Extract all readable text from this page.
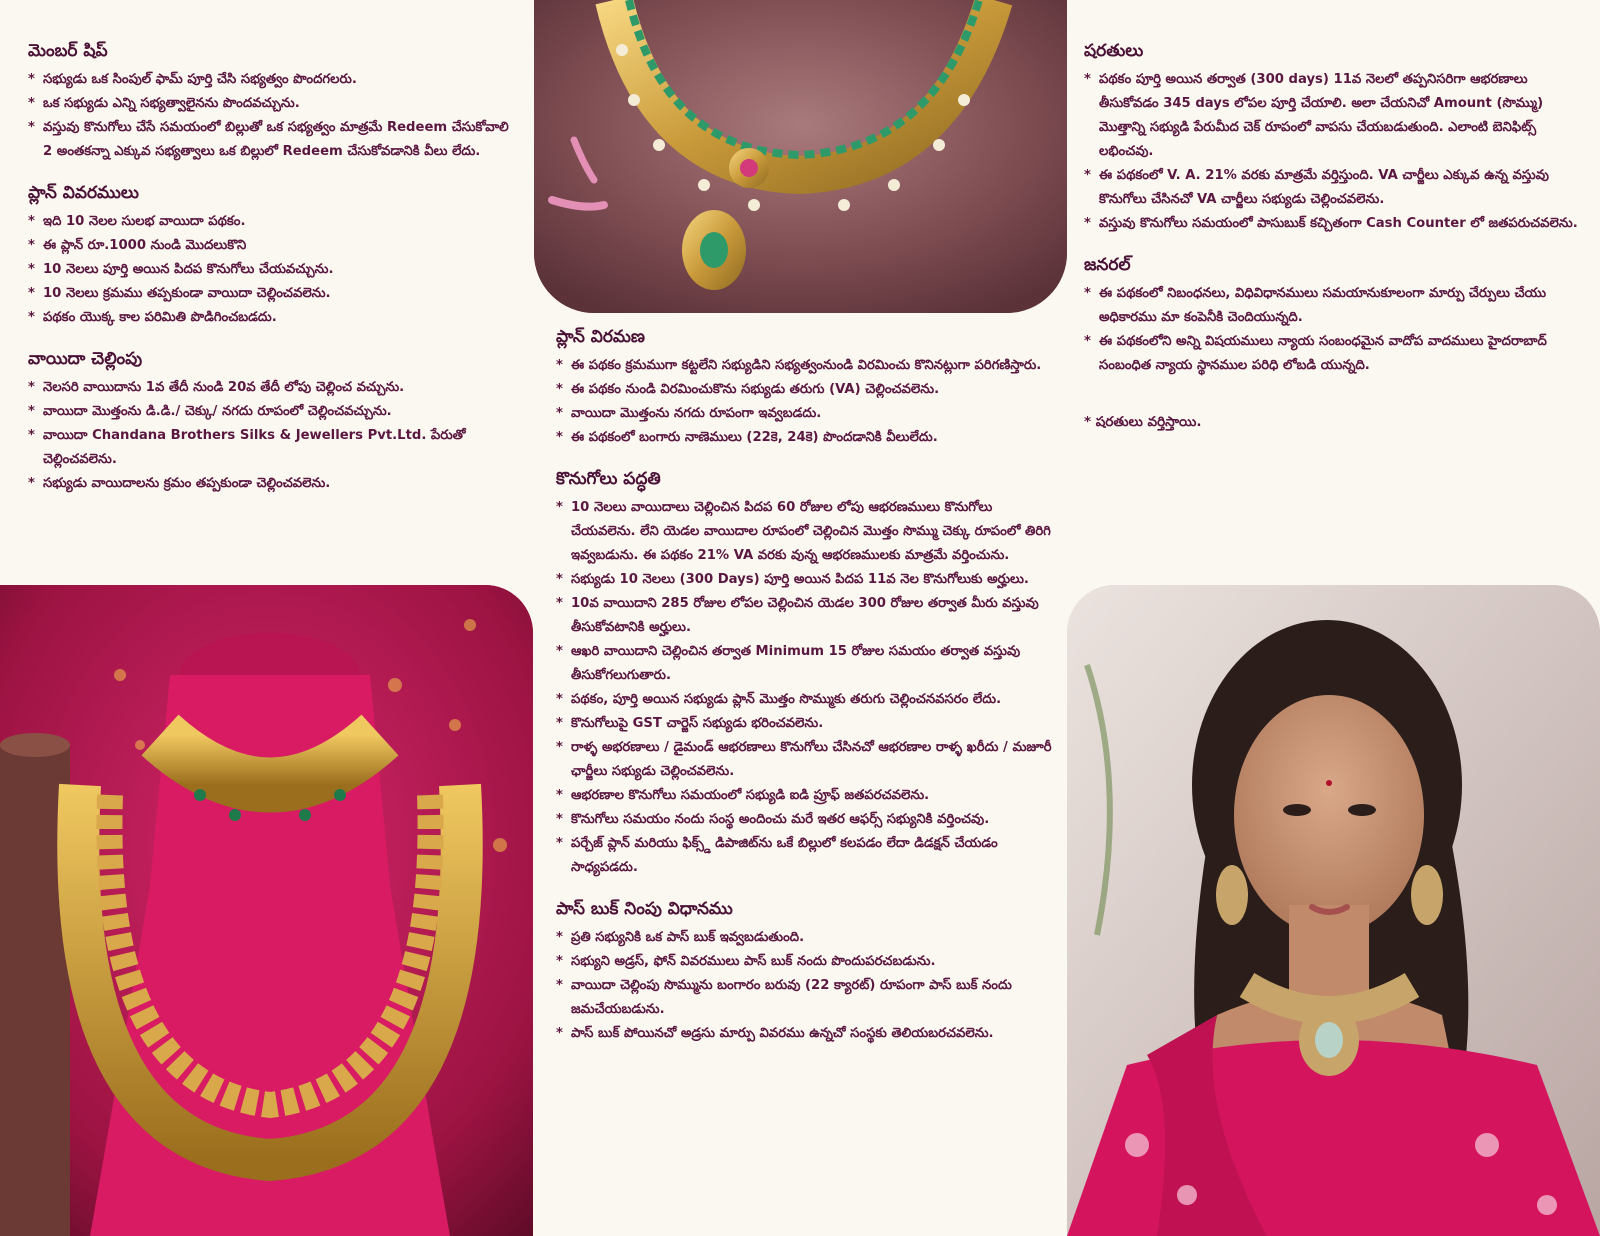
మెంబర్ షిప్
* సభ్యుడు ఒక సింపుల్ ఫామ్ పూర్తి చేసి సభ్యత్వం పొందగలరు.
* ఒక సభ్యుడు ఎన్ని సభ్యత్వాలైనను పొందవచ్చును.
* వస్తువు కొనుగోలు చేసే సమయంలో బిల్లుతో ఒక సభ్యత్వం మాత్రమే Redeem చేసుకోవాలి 2 అంతకన్నా ఎక్కువ సభ్యత్వాలు ఒక బిల్లులో Redeem చేసుకోవడానికి వీలు లేదు.
ప్లాన్ వివరములు
* ఇది 10 నెలల సులభ వాయిదా పథకం.
* ఈ ప్లాన్ రూ.1000 నుండి మొదలుకొని
* 10 నెలలు పూర్తి అయిన పిదప కొనుగోలు చేయవచ్చును.
* 10 నెలలు క్రమము తప్పకుండా వాయిదా చెల్లించవలెను.
* పథకం యొక్క కాల పరిమితి పొడిగించబడదు.
వాయిదా చెల్లింపు
* నెలసరి వాయిదాను 1వ తేదీ నుండి 20వ తేదీ లోపు చెల్లించ వచ్చును.
* వాయిదా మొత్తంను డి.డి./ చెక్కు/ నగదు రూపంలో చెల్లించవచ్చును.
* వాయిదా Chandana Brothers Silks & Jewellers Pvt.Ltd. పేరుతో చెల్లించవలెను.
* సభ్యుడు వాయిదాలను క్రమం తప్పకుండా చెల్లించవలెను.
ప్లాన్ విరమణ
* ఈ పథకం క్రమముగా కట్టలేని సభ్యుడిని సభ్యత్వంనుండి విరమించు కొనినట్లుగా పరిగణిస్తారు.
* ఈ పథకం నుండి విరమించుకొను సభ్యుడు తరుగు (VA) చెల్లించవలెను.
* వాయిదా మొత్తంను నగదు రూపంగా ఇవ్వబడదు.
* ఈ పథకంలో బంగారు నాణెములు (22కె, 24కె) పొందడానికి వీలులేదు.
కొనుగోలు పద్ధతి
* 10 నెలలు వాయిదాలు చెల్లించిన పిదప 60 రోజుల లోపు ఆభరణములు కొనుగోలు చేయవలెను. లేని యెడల వాయిదాల రూపంలో చెల్లించిన మొత్తం సొమ్ము చెక్కు రూపంలో తిరిగి ఇవ్వబడును. ఈ పథకం 21% VA వరకు వున్న ఆభరణములకు మాత్రమే వర్తించును.
* సభ్యుడు 10 నెలలు (300 Days) పూర్తి అయిన పిదప 11వ నెల కొనుగోలుకు అర్హులు.
* 10వ వాయిదాని 285 రోజుల లోపల చెల్లించిన యెడల 300 రోజుల తర్వాత మీరు వస్తువు తీసుకోవటానికి అర్హులు.
* ఆఖరి వాయిదాని చెల్లించిన తర్వాత Minimum 15 రోజుల సమయం తర్వాత వస్తువు తీసుకోగలుగుతారు.
* పథకం, పూర్తి అయిన సభ్యుడు ప్లాన్ మొత్తం సొమ్ముకు తరుగు చెల్లించనవసరం లేదు.
* కొనుగోలుపై GST చార్జెస్ సభ్యుడు భరించవలెను.
* రాళ్ళ అభరణాలు / డైమండ్ ఆభరణాలు కొనుగోలు చేసినచో ఆభరణాల రాళ్ళ ఖరీదు / మజూరీ ఛార్జీలు సభ్యుడు చెల్లించవలెను.
* ఆభరణాల కొనుగోలు సమయంలో సభ్యుడి ఐడి ప్రూఫ్ జతపరచవలెను.
* కొనుగోలు సమయం నందు సంస్థ అందించు మరే ఇతర ఆఫర్స్ సభ్యునికి వర్తించవు.
* పర్చేజ్ ప్లాన్ మరియు ఫిక్స్డ్ డిపాజిట్‌ను ఒకే బిల్లులో కలపడం లేదా డిడక్షన్ చేయడం సాధ్యపడదు.
పాస్ బుక్ నింపు విధానము
* ప్రతి సభ్యునికి ఒక పాస్ బుక్ ఇవ్వబడుతుంది.
* సభ్యుని అడ్రస్, ఫోన్ వివరములు పాస్ బుక్ నందు పొందుపరచబడును.
* వాయిదా చెల్లింపు సొమ్మును బంగారం బరువు (22 క్యారట్) రూపంగా పాస్ బుక్ నందు జమచేయబడును.
* పాస్ బుక్ పోయినచో అడ్రసు మార్పు వివరము ఉన్నచో సంస్థకు తెలియబరచవలెను.
షరతులు
* పథకం పూర్తి అయిన తర్వాత (300 days) 11వ నెలలో తప్పనిసరిగా ఆభరణాలు తీసుకోవడం 345 days లోపల పూర్తి చేయాలి. అలా చేయనిచో Amount (సొమ్ము) మొత్తాన్ని సభ్యుడి పేరుమీద చెక్ రూపంలో వాపసు చేయబడుతుంది. ఎలాంటి బెనిఫిట్స్ లభించవు.
* ఈ పథకంలో V. A. 21% వరకు మాత్రమే వర్తిస్తుంది. VA చార్జీలు ఎక్కువ ఉన్న వస్తువు కొనుగోలు చేసినచో VA చార్జీలు సభ్యుడు చెల్లించవలెను.
* వస్తువు కొనుగోలు సమయంలో పాసుబుక్ కచ్చితంగా Cash Counter లో జతపరుచవలెను.
జనరల్
* ఈ పథకంలో నిబంధనలు, విధివిధానములు సమయానుకూలంగా మార్పు చేర్పులు చేయు అధికారము మా కంపెనీకి చెందియున్నది.
* ఈ పథకంలోని అన్ని విషయములు న్యాయ సంబంధమైన వాదోప వాదములు హైదరాబాద్ సంబంధిత న్యాయ స్థానముల పరిధి లోబడి యున్నది.
* షరతులు వర్తిస్తాయి.
